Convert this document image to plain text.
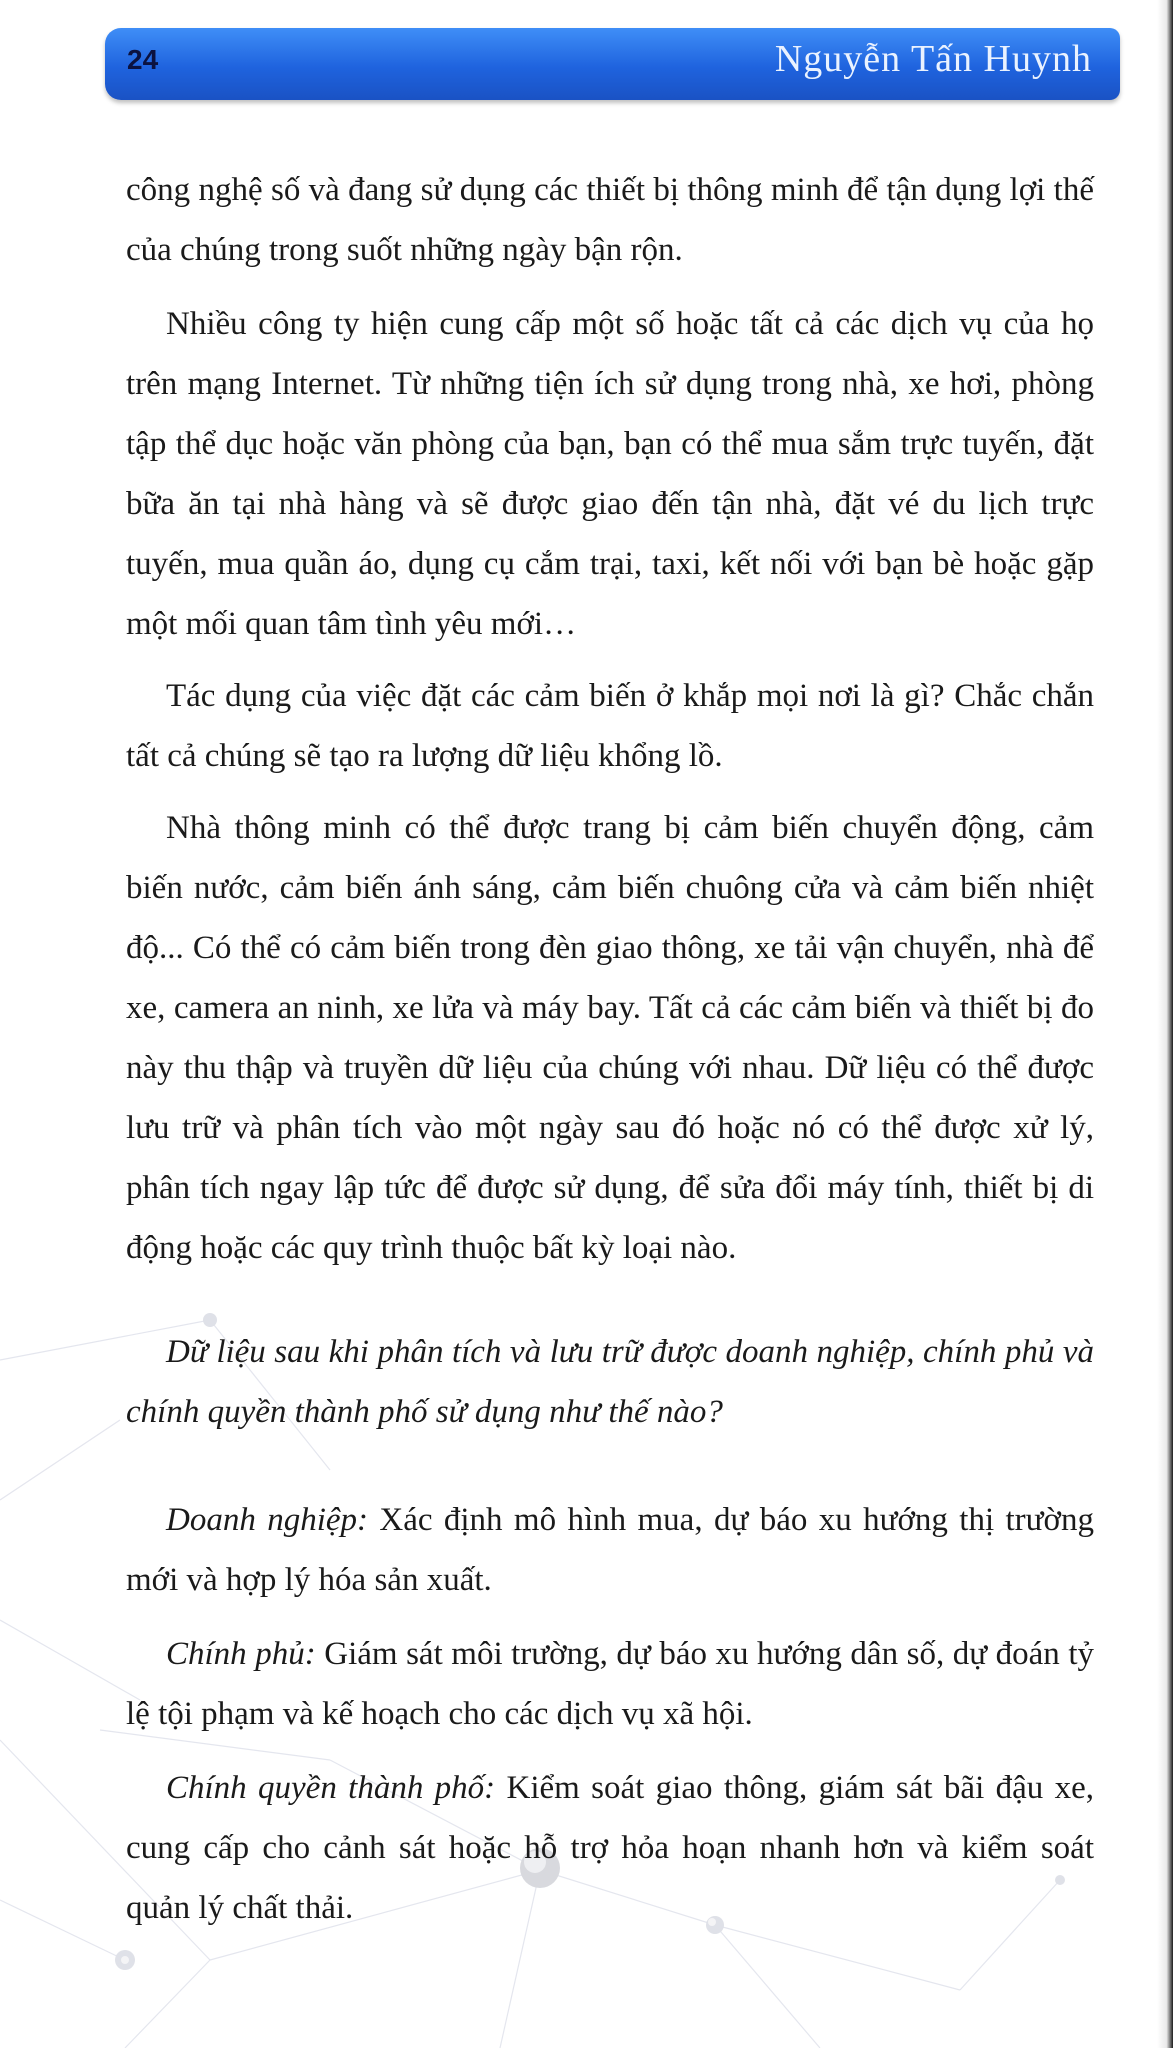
24	Nguyễn Tấn Huynh

công nghệ số và đang sử dụng các thiết bị thông minh để tận dụng lợi thế của chúng trong suốt những ngày bận rộn.

Nhiều công ty hiện cung cấp một số hoặc tất cả các dịch vụ của họ trên mạng Internet. Từ những tiện ích sử dụng trong nhà, xe hơi, phòng tập thể dục hoặc văn phòng của bạn, bạn có thể mua sắm trực tuyến, đặt bữa ăn tại nhà hàng và sẽ được giao đến tận nhà, đặt vé du lịch trực tuyến, mua quần áo, dụng cụ cắm trại, taxi, kết nối với bạn bè hoặc gặp một mối quan tâm tình yêu mới…

Tác dụng của việc đặt các cảm biến ở khắp mọi nơi là gì? Chắc chắn tất cả chúng sẽ tạo ra lượng dữ liệu khổng lồ.

Nhà thông minh có thể được trang bị cảm biến chuyển động, cảm biến nước, cảm biến ánh sáng, cảm biến chuông cửa và cảm biến nhiệt độ... Có thể có cảm biến trong đèn giao thông, xe tải vận chuyển, nhà để xe, camera an ninh, xe lửa và máy bay. Tất cả các cảm biến và thiết bị đo này thu thập và truyền dữ liệu của chúng với nhau. Dữ liệu có thể được lưu trữ và phân tích vào một ngày sau đó hoặc nó có thể được xử lý, phân tích ngay lập tức để được sử dụng, để sửa đổi máy tính, thiết bị di động hoặc các quy trình thuộc bất kỳ loại nào.

Dữ liệu sau khi phân tích và lưu trữ được doanh nghiệp, chính phủ và chính quyền thành phố sử dụng như thế nào?

Doanh nghiệp: Xác định mô hình mua, dự báo xu hướng thị trường mới và hợp lý hóa sản xuất.

Chính phủ: Giám sát môi trường, dự báo xu hướng dân số, dự đoán tỷ lệ tội phạm và kế hoạch cho các dịch vụ xã hội.

Chính quyền thành phố: Kiểm soát giao thông, giám sát bãi đậu xe, cung cấp cho cảnh sát hoặc hỗ trợ hỏa hoạn nhanh hơn và kiểm soát quản lý chất thải.
